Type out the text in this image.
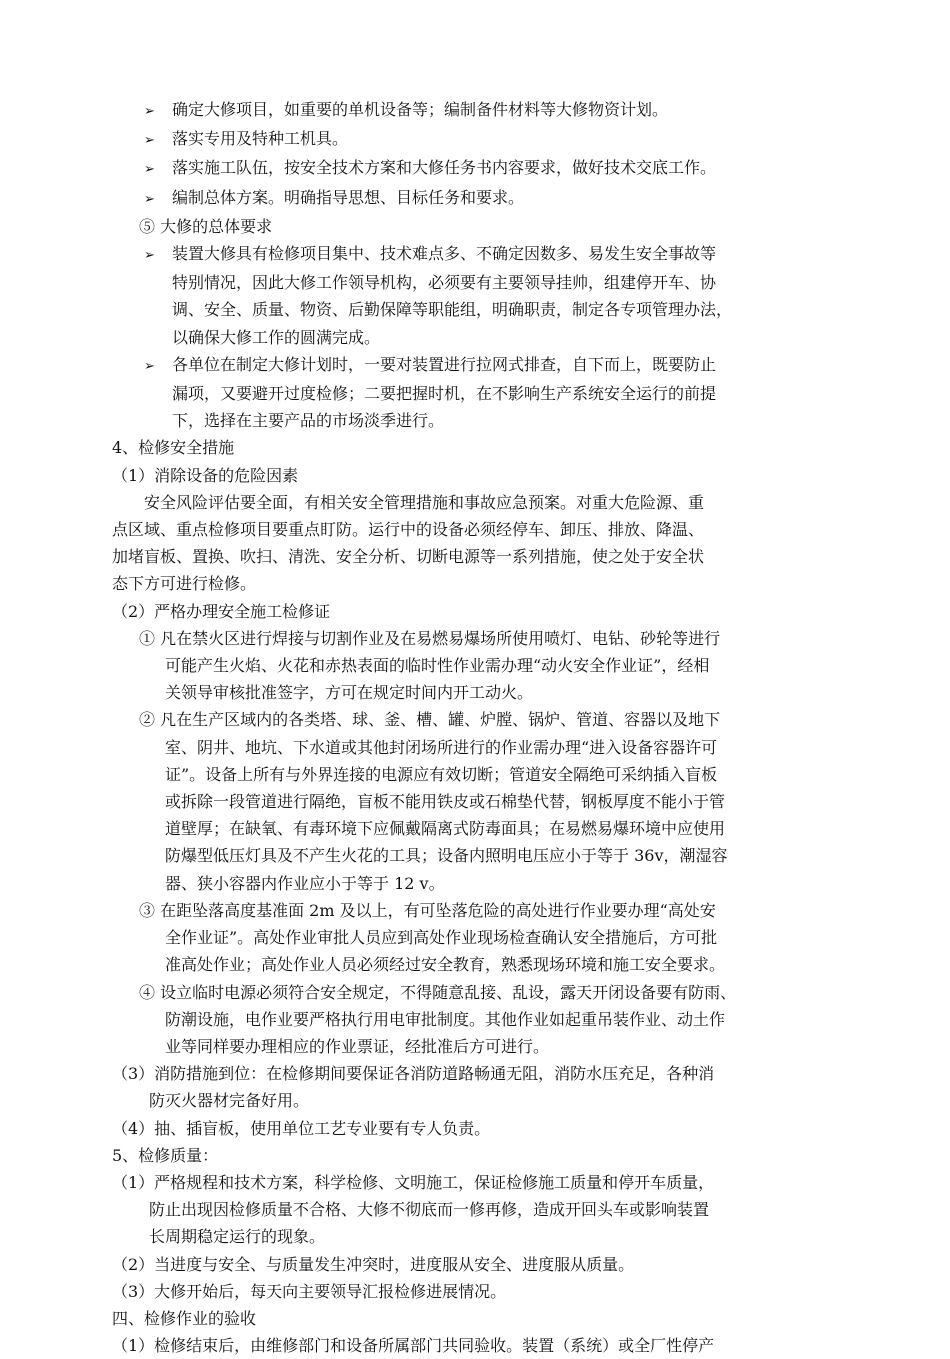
➢ 确定大修项目，如重要的单机设备等；编制备件材料等大修物资计划。
➢ 落实专用及特种工机具。
➢ 落实施工队伍，按安全技术方案和大修任务书内容要求，做好技术交底工作。
➢ 编制总体方案。明确指导思想、目标任务和要求。
⑤ 大修的总体要求
➢ 装置大修具有检修项目集中、技术难点多、不确定因数多、易发生安全事故等
特别情况，因此大修工作领导机构，必须要有主要领导挂帅，组建停开车、协
调、安全、质量、物资、后勤保障等职能组，明确职责，制定各专项管理办法，
以确保大修工作的圆满完成。
➢ 各单位在制定大修计划时，一要对装置进行拉网式排查，自下而上，既要防止
漏项，又要避开过度检修；二要把握时机，在不影响生产系统安全运行的前提
下，选择在主要产品的市场淡季进行。
4、检修安全措施
（1）消除设备的危险因素
安全风险评估要全面，有相关安全管理措施和事故应急预案。对重大危险源、重
点区域、重点检修项目要重点盯防。运行中的设备必须经停车、卸压、排放、降温、
加堵盲板、置换、吹扫、清洗、安全分析、切断电源等一系列措施，使之处于安全状
态下方可进行检修。
（2）严格办理安全施工检修证
① 凡在禁火区进行焊接与切割作业及在易燃易爆场所使用喷灯、电钻、砂轮等进行
可能产生火焰、火花和赤热表面的临时性作业需办理“动火安全作业证”，经相
关领导审核批准签字，方可在规定时间内开工动火。
② 凡在生产区域内的各类塔、球、釜、槽、罐、炉膛、锅炉、管道、容器以及地下
室、阴井、地坑、下水道或其他封闭场所进行的作业需办理“进入设备容器许可
证”。设备上所有与外界连接的电源应有效切断；管道安全隔绝可采纳插入盲板
或拆除一段管道进行隔绝，盲板不能用铁皮或石棉垫代替，钢板厚度不能小于管
道壁厚；在缺氧、有毒环境下应佩戴隔离式防毒面具；在易燃易爆环境中应使用
防爆型低压灯具及不产生火花的工具；设备内照明电压应小于等于 36v，潮湿容
器、狭小容器内作业应小于等于 12 v。
③ 在距坠落高度基准面 2m 及以上，有可坠落危险的高处进行作业要办理“高处安
全作业证”。高处作业审批人员应到高处作业现场检查确认安全措施后，方可批
准高处作业；高处作业人员必须经过安全教育，熟悉现场环境和施工安全要求。
④ 设立临时电源必须符合安全规定，不得随意乱接、乱设，露天开闭设备要有防雨、
防潮设施，电作业要严格执行用电审批制度。其他作业如起重吊装作业、动土作
业等同样要办理相应的作业票证，经批准后方可进行。
（3）消防措施到位：在检修期间要保证各消防道路畅通无阻，消防水压充足，各种消
防灭火器材完备好用。
（4）抽、插盲板，使用单位工艺专业要有专人负责。
5、检修质量：
（1）严格规程和技术方案，科学检修、文明施工，保证检修施工质量和停开车质量，
防止出现因检修质量不合格、大修不彻底而一修再修，造成开回头车或影响装置
长周期稳定运行的现象。
（2）当进度与安全、与质量发生冲突时，进度服从安全、进度服从质量。
（3）大修开始后，每天向主要领导汇报检修进展情况。
四、检修作业的验收
（1）检修结束后，由维修部门和设备所属部门共同验收。装置（系统）或全厂性停产
